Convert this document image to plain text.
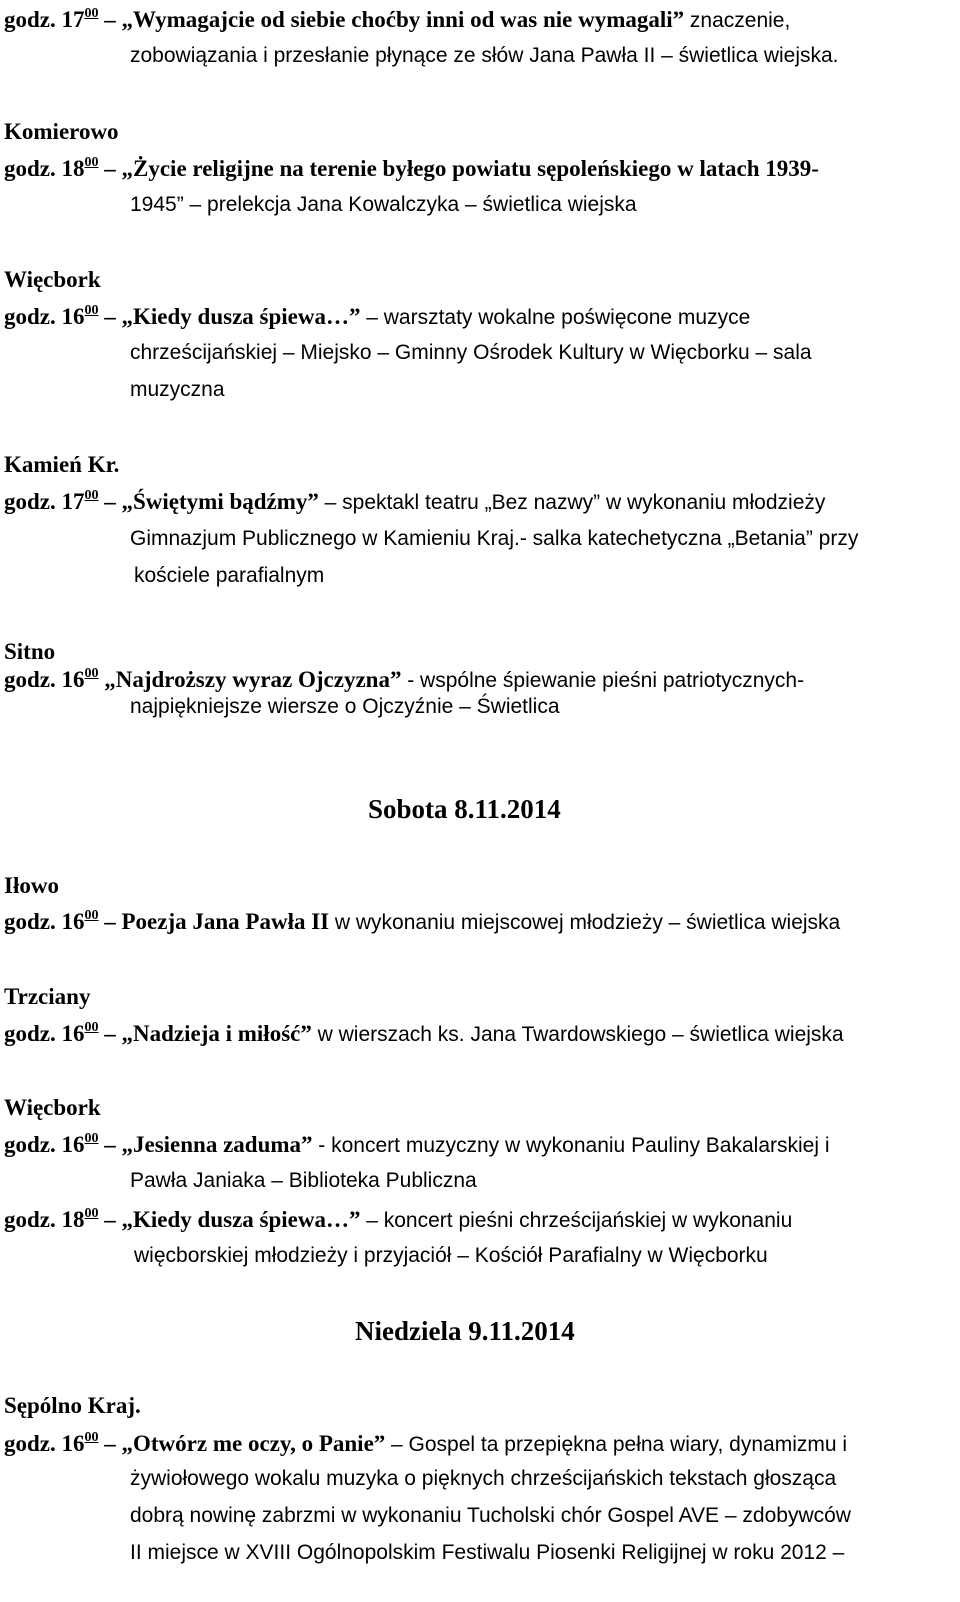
godz. $17^{00}$ – „Wymagajcie od siebie choćby inni od was nie wymagali” znaczenie,
zobowiązania i przesłanie płynące ze słów Jana Pawła II – świetlica wiejska.
Komierowo
godz. $18^{00}$ – „Życie religijne na terenie byłego powiatu sępoleńskiego w latach 1939-
1945” – prelekcja Jana Kowalczyka – świetlica wiejska
Więcbork
godz. $16^{00}$ – „Kiedy dusza śpiewa…” – warsztaty wokalne poświęcone muzyce
chrześcijańskiej – Miejsko – Gminny Ośrodek Kultury w Więcborku – sala
muzyczna
Kamień Kr.
godz. $17^{00}$ – „Świętymi bądźmy” – spektakl teatru „Bez nazwy” w wykonaniu młodzieży
Gimnazjum Publicznego w Kamieniu Kraj.- salka katechetyczna „Betania” przy
kościele parafialnym
Sitno
godz. $16^{00}$ „Najdroższy wyraz Ojczyzna” - wspólne śpiewanie pieśni patriotycznych-
najpiękniejsze wiersze o Ojczyźnie – Świetlica
Sobota 8.11.2014
Iłowo
godz. $16^{00}$ – Poezja Jana Pawła II w wykonaniu miejscowej młodzieży – świetlica wiejska
Trzciany
godz. $16^{00}$ – „Nadzieja i miłość” w wierszach ks. Jana Twardowskiego – świetlica wiejska
Więcbork
godz. $16^{00}$ – „Jesienna zaduma” - koncert muzyczny w wykonaniu Pauliny Bakalarskiej i
Pawła Janiaka – Biblioteka Publiczna
godz. $18^{00}$ – „Kiedy dusza śpiewa…” – koncert pieśni chrześcijańskiej w wykonaniu
więcborskiej młodzieży i przyjaciół – Kościół Parafialny w Więcborku
Niedziela 9.11.2014
Sępólno Kraj.
godz. $16^{00}$ – „Otwórz me oczy, o Panie” – Gospel ta przepiękna pełna wiary, dynamizmu i
żywiołowego wokalu muzyka o pięknych chrześcijańskich tekstach głosząca
dobrą nowinę zabrzmi w wykonaniu Tucholski chór Gospel AVE – zdobywców
II miejsce w XVIII Ogólnopolskim Festiwalu Piosenki Religijnej w roku 2012 –
